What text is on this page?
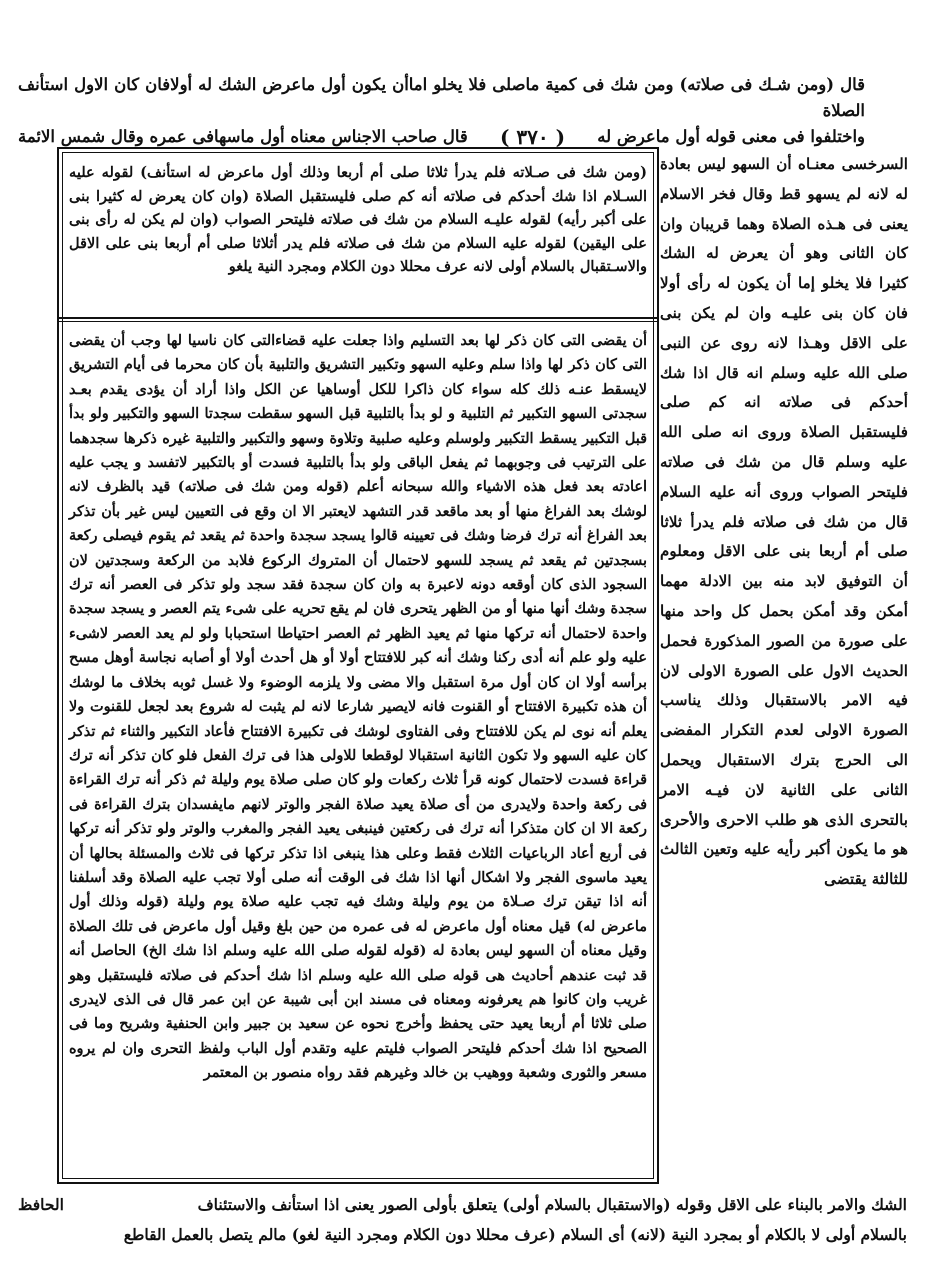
قال (ومن شـك فى صلاته) ومن شك فى كمية ماصلى فلا يخلو اماأن يكون أول ماعرض الشك له أولافان كان الاول استأنف الصلاة
واختلفوا فى معنى قوله أول ماعرض له
( ٣٧٠ )
قال صاحب الاجناس معناه أول ماسهافى عمره وقال شمس الائمة
السرخسى معنـاه أن السهو ليس بعادة له لانه لم يسهو قط وقال فخر الاسلام يعنى فى هـذه الصلاة وهما قريبان وان كان الثانى وهو أن يعرض له الشك كثيرا فلا يخلو إما أن يكون له رأى أولا فان كان بنى عليـه وان لم يكن بنى على الاقل وهـذا لانه روى عن النبى صلى الله عليه وسلم انه قال اذا شك أحدكم فى صلاته انه كم صلى فليستقبل الصلاة وروى انه صلى الله عليه وسلم قال من شك فى صلاته فليتحر الصواب وروى أنه عليه السلام قال من شك فى صلاته فلم يدرأ ثلاثا صلى أم أربعا بنى على الاقل ومعلوم أن التوفيق لابد منه بين الادلة مهما أمكن وقد أمكن بحمل كل واحد منها على صورة من الصور المذكورة فحمل الحديث الاول على الصورة الاولى لان فيه الامر بالاستقبال وذلك يناسب الصورة الاولى لعدم التكرار المفضى الى الحرج بترك الاستقبال ويحمل الثانى على الثانية لان فيـه الامر بالتحرى الذى هو طلب الاحرى والأحرى هو ما يكون أكبر رأيه عليه وتعين الثالث للثالثة يقتضى
(ومن شك فى صـلاته فلم يدرأ ثلاثا صلى أم أربعا وذلك أول ماعرض له استأنف) لقوله عليه السـلام اذا شك أحدكم فى صلاته أنه كم صلى فليستقبل الصلاة (وان كان يعرض له كثيرا بنى على أكبر رأيه) لقوله عليـه السلام من شك فى صلاته فليتحر الصواب (وان لم يكن له رأى بنى على اليقين) لقوله عليه السلام من شك فى صلاته فلم يدر أثلاثا صلى أم أربعا بنى على الاقل والاسـتقبال بالسلام أولى لانه عرف محللا دون الكلام ومجرد النية يلغو
أن يقضى التى كان ذكر لها بعد التسليم واذا جعلت عليه قضاءالتى كان ناسيا لها وجب أن يقضى التى كان ذكر لها واذا سلم وعليه السهو وتكبير التشريق والتلبية بأن كان محرما فى أيام التشريق لايسقط عنـه ذلك كله سواء كان ذاكرا للكل أوساهيا عن الكل واذا أراد أن يؤدى يقدم بعـد سجدتى السهو التكبير ثم التلبية و لو بدأ بالتلبية قبل السهو سقطت سجدتا السهو والتكبير ولو بدأ قبل التكبير يسقط التكبير ولوسلم وعليه صلبية وتلاوة وسهو والتكبير والتلبية غيره ذكرها سجدهما على الترتيب فى وجوبهما ثم يفعل الباقى ولو بدأ بالتلبية فسدت أو بالتكبير لاتفسد و يجب عليه اعادته بعد فعل هذه الاشياء والله سبحانه أعلم (قوله ومن شك فى صلاته) قيد بالظرف لانه لوشك بعد الفراغ منها أو بعد ماقعد قدر التشهد لايعتبر الا ان وقع فى التعيين ليس غير بأن تذكر بعد الفراغ أنه ترك فرضا وشك فى تعيينه قالوا يسجد سجدة واحدة ثم يقعد ثم يقوم فيصلى ركعة بسجدتين ثم يقعد ثم يسجد للسهو لاحتمال أن المتروك الركوع فلابد من الركعة وسجدتين لان السجود الذى كان أوقعه دونه لاعبرة به وان كان سجدة فقد سجد ولو تذكر فى العصر أنه ترك سجدة وشك أنها منها أو من الظهر يتحرى فان لم يقع تحريه على شىء يتم العصر و يسجد سجدة واحدة لاحتمال أنه تركها منها ثم يعيد الظهر ثم العصر احتياطا استحبابا ولو لم يعد العصر لاشىء عليه ولو علم أنه أدى ركنا وشك أنه كبر للافتتاح أولا أو هل أحدث أولا أو أصابه نجاسة أوهل مسح برأسه أولا ان كان أول مرة استقبل والا مضى ولا يلزمه الوضوء ولا غسل ثوبه بخلاف ما لوشك أن هذه تكبيرة الافتتاح أو القنوت فانه لايصير شارعا لانه لم يثبت له شروع بعد لجعل للقنوت ولا يعلم أنه نوى لم يكن للافتتاح وفى الفتاوى لوشك فى تكبيرة الافتتاح فأعاد التكبير والثناء ثم تذكر كان عليه السهو ولا تكون الثانية استقبالا لوقطعا للاولى هذا فى ترك الفعل فلو كان تذكر أنه ترك قراءة فسدت لاحتمال كونه قرأ ثلاث ركعات ولو كان صلى صلاة يوم وليلة ثم ذكر أنه ترك القراءة فى ركعة واحدة ولايدرى من أى صلاة يعيد صلاة الفجر والوتر لانهم مايفسدان بترك القراءة فى ركعة الا ان كان متذكرا أنه ترك فى ركعتين فينبغى يعيد الفجر والمغرب والوتر ولو تذكر أنه تركها فى أربع أعاد الرباعيات الثلاث فقط وعلى هذا ينبغى اذا تذكر تركها فى ثلاث والمسئلة بحالها أن يعيد ماسوى الفجر ولا اشكال أنها اذا شك فى الوقت أنه صلى أولا تجب عليه الصلاة وقد أسلفنا أنه اذا تيقن ترك صـلاة من يوم وليلة وشك فيه تجب عليه صلاة يوم وليلة (قوله وذلك أول ماعرض له) قيل معناه أول ماعرض له فى عمره من حين بلغ وقيل أول ماعرض فى تلك الصلاة وقيل معناه أن السهو ليس بعادة له (قوله لقوله صلى الله عليه وسلم اذا شك الخ) الحاصل أنه قد ثبت عندهم أحاديث هى قوله صلى الله عليه وسلم اذا شك أحدكم فى صلاته فليستقبل وهو غريب وان كانوا هم يعرفونه ومعناه فى مسند ابن أبى شيبة عن ابن عمر قال فى الذى لايدرى صلى ثلاثا أم أربعا يعيد حتى يحفظ وأخرج نحوه عن سعيد بن جبير وابن الحنفية وشريح وما فى الصحيح اذا شك أحدكم فليتحر الصواب فليتم عليه وتقدم أول الباب ولفظ التحرى وان لم يروه مسعر والثورى وشعبة ووهيب بن خالد وغيرهم فقد رواه منصور بن المعتمر
الشك والامر بالبناء على الاقل وقوله (والاستقبال بالسلام أولى) يتعلق بأولى الصور يعنى اذا استأنف والاستئناف
الحافظ
بالسلام أولى لا بالكلام أو بمجرد النية (لانه) أى السلام (عرف محللا دون الكلام ومجرد النية لغو) مالم يتصل بالعمل القاطع
